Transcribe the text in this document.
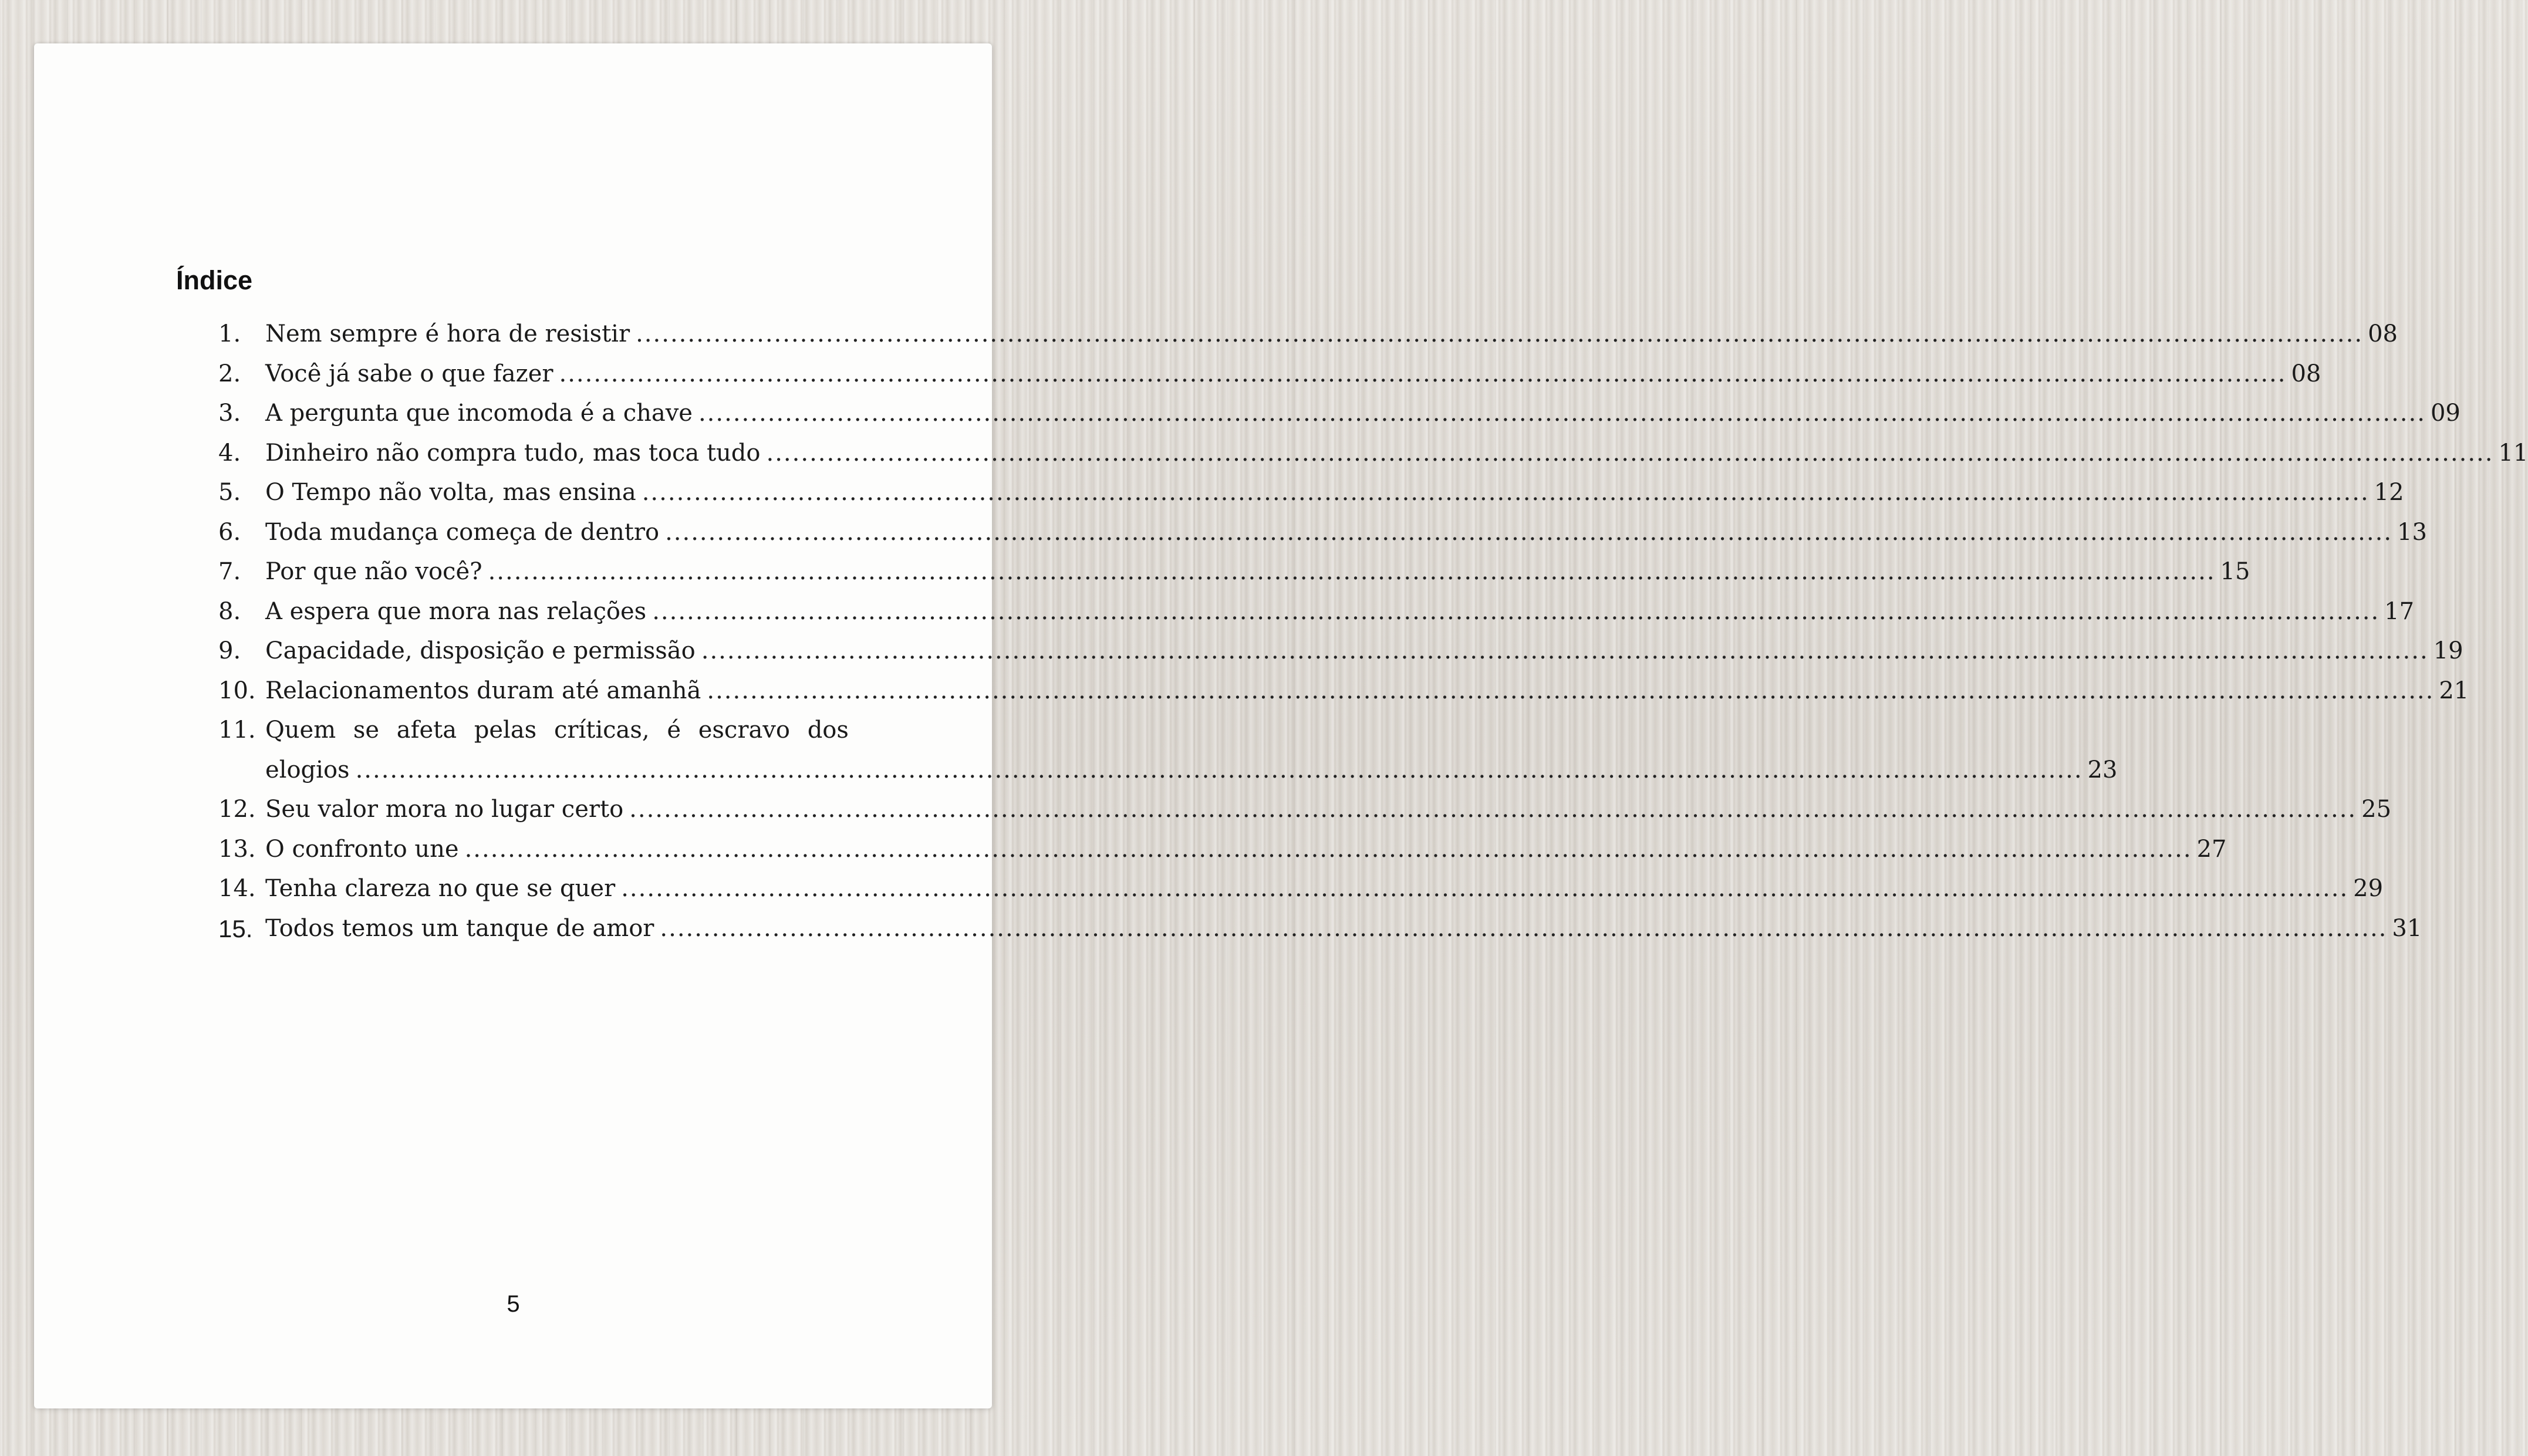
Índice
1. Nem sempre é hora de resistir ........................................................................................................................................................................................................ 08
2. Você já sabe o que fazer ........................................................................................................................................................................................................ 08
3. A pergunta que incomoda é a chave ........................................................................................................................................................................................................ 09
4. Dinheiro não compra tudo, mas toca tudo ........................................................................................................................................................................................................ 11
5. O Tempo não volta, mas ensina ........................................................................................................................................................................................................ 12
6. Toda mudança começa de dentro ........................................................................................................................................................................................................ 13
7. Por que não você? ........................................................................................................................................................................................................ 15
8. A espera que mora nas relações ........................................................................................................................................................................................................ 17
9. Capacidade, disposição e permissão ........................................................................................................................................................................................................ 19
10. Relacionamentos duram até amanhã ........................................................................................................................................................................................................ 21
11. Quem se afeta pelas críticas, é escravo dos
elogios ........................................................................................................................................................................................................ 23
12. Seu valor mora no lugar certo ........................................................................................................................................................................................................ 25
13. O confronto une ........................................................................................................................................................................................................ 27
14. Tenha clareza no que se quer ........................................................................................................................................................................................................ 29
15. Todos temos um tanque de amor ........................................................................................................................................................................................................ 31
5
